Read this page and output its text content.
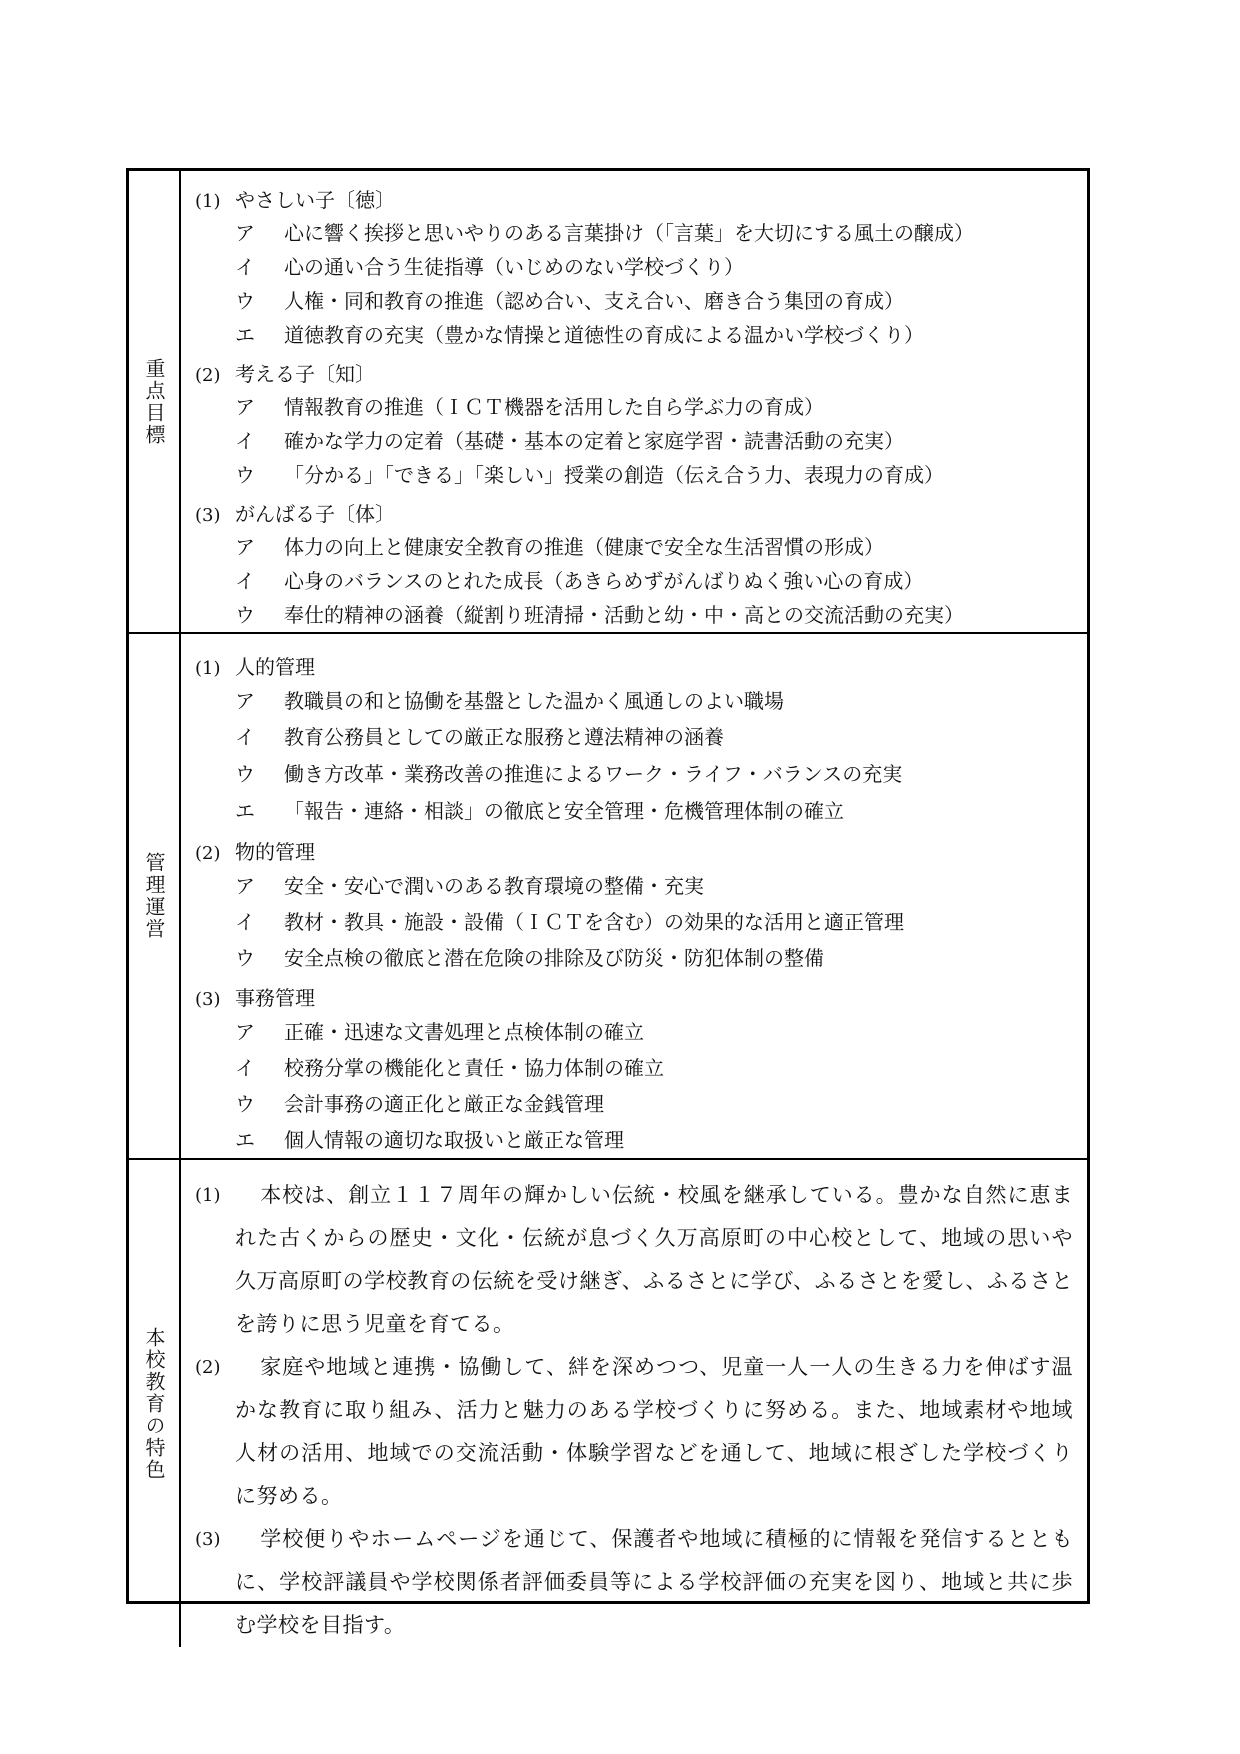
重点目標
(1) やさしい子〔徳〕
ア	心に響く挨拶と思いやりのある言葉掛け（「言葉」を大切にする風土の醸成）
イ	心の通い合う生徒指導（いじめのない学校づくり）
ウ	人権・同和教育の推進（認め合い、支え合い、磨き合う集団の育成）
エ	道徳教育の充実（豊かな情操と道徳性の育成による温かい学校づくり）
(2) 考える子〔知〕
ア	情報教育の推進（ＩＣＴ機器を活用した自ら学ぶ力の育成）
イ	確かな学力の定着（基礎・基本の定着と家庭学習・読書活動の充実）
ウ	「分かる」「できる」「楽しい」授業の創造（伝え合う力、表現力の育成）
(3) がんばる子〔体〕
ア	体力の向上と健康安全教育の推進（健康で安全な生活習慣の形成）
イ	心身のバランスのとれた成長（あきらめずがんばりぬく強い心の育成）
ウ	奉仕的精神の涵養（縦割り班清掃・活動と幼・中・高との交流活動の充実）
管理運営
(1) 人的管理
ア	教職員の和と協働を基盤とした温かく風通しのよい職場
イ	教育公務員としての厳正な服務と遵法精神の涵養
ウ	働き方改革・業務改善の推進によるワーク・ライフ・バランスの充実
エ	「報告・連絡・相談」の徹底と安全管理・危機管理体制の確立
(2) 物的管理
ア	安全・安心で潤いのある教育環境の整備・充実
イ	教材・教具・施設・設備（ＩＣＴを含む）の効果的な活用と適正管理
ウ	安全点検の徹底と潜在危険の排除及び防災・防犯体制の整備
(3) 事務管理
ア	正確・迅速な文書処理と点検体制の確立
イ	校務分掌の機能化と責任・協力体制の確立
ウ	会計事務の適正化と厳正な金銭管理
エ	個人情報の適切な取扱いと厳正な管理
本校教育の特色
(1)	本校は、創立１１７周年の輝かしい伝統・校風を継承している。豊かな自然に恵まれた古くからの歴史・文化・伝統が息づく久万高原町の中心校として、地域の思いや久万高原町の学校教育の伝統を受け継ぎ、ふるさとに学び、ふるさとを愛し、ふるさとを誇りに思う児童を育てる。
(2)	家庭や地域と連携・協働して、絆を深めつつ、児童一人一人の生きる力を伸ばす温かな教育に取り組み、活力と魅力のある学校づくりに努める。また、地域素材や地域人材の活用、地域での交流活動・体験学習などを通して、地域に根ざした学校づくりに努める。
(3)	学校便りやホームページを通じて、保護者や地域に積極的に情報を発信するとともに、学校評議員や学校関係者評価委員等による学校評価の充実を図り、地域と共に歩む学校を目指す。
